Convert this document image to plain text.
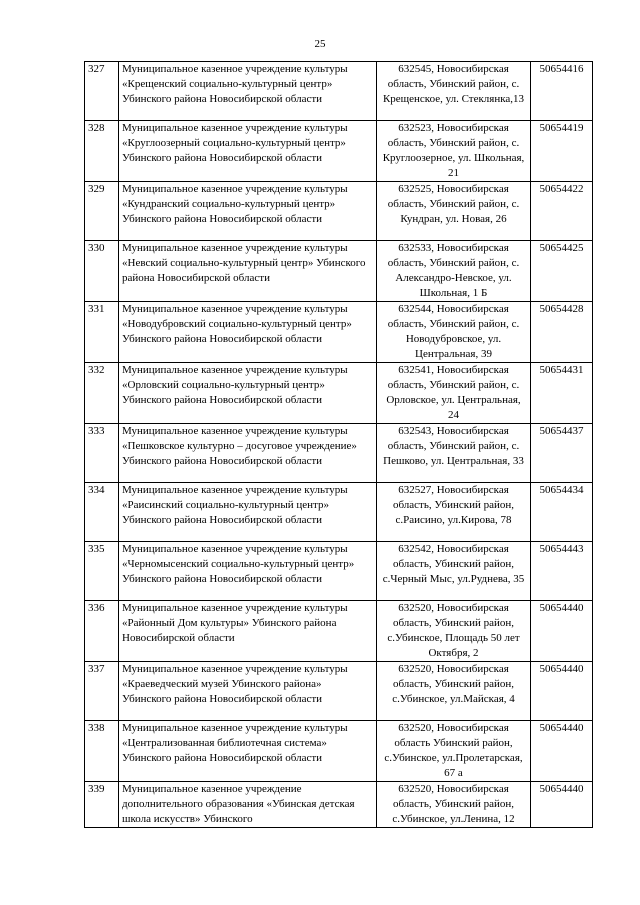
25
327	Муниципальное казенное учреждение культуры «Крещенский социально-культурный центр» Убинского района Новосибирской области	632545, Новосибирская область, Убинский район, с. Крещенское, ул. Стеклянка,13	50654416
328	Муниципальное казенное учреждение культуры «Круглоозерный социально-культурный центр» Убинского района Новосибирской области	632523, Новосибирская область, Убинский район, с. Круглоозерное, ул. Школьная, 21	50654419
329	Муниципальное казенное учреждение культуры «Кундранский социально-культурный центр» Убинского района Новосибирской области	632525, Новосибирская область, Убинский район, с. Кундран, ул. Новая, 26	50654422
330	Муниципальное казенное учреждение культуры «Невский социально-культурный центр» Убинского района Новосибирской области	632533, Новосибирская область, Убинский район, с. Александро-Невское, ул. Школьная, 1 Б	50654425
331	Муниципальное казенное учреждение культуры «Новодубровский социально-культурный центр» Убинского района Новосибирской области	632544, Новосибирская область, Убинский район, с. Новодубровское, ул. Центральная, 39	50654428
332	Муниципальное казенное учреждение культуры «Орловский социально-культурный центр» Убинского района Новосибирской области	632541, Новосибирская область, Убинский район, с. Орловское, ул. Центральная, 24	50654431
333	Муниципальное казенное учреждение культуры «Пешковское культурно – досуговое учреждение» Убинского района Новосибирской области	632543, Новосибирская область, Убинский район, с. Пешково, ул. Центральная, 33	50654437
334	Муниципальное казенное учреждение культуры «Раисинский социально-культурный центр» Убинского района Новосибирской области	632527, Новосибирская область, Убинский район, с.Раисино, ул.Кирова, 78	50654434
335	Муниципальное казенное учреждение культуры «Черномысенский социально-культурный центр» Убинского района Новосибирской области	632542, Новосибирская область, Убинский район, с.Черный Мыс, ул.Руднева, 35	50654443
336	Муниципальное казенное учреждение культуры «Районный Дом культуры» Убинского района Новосибирской области	632520, Новосибирская область, Убинский район, с.Убинское, Площадь 50 лет Октября, 2	50654440
337	Муниципальное казенное учреждение культуры «Краеведческий музей Убинского района» Убинского района Новосибирской области	632520, Новосибирская область, Убинский район, с.Убинское, ул.Майская, 4	50654440
338	Муниципальное казенное учреждение культуры «Централизованная библиотечная система» Убинского района Новосибирской области	632520, Новосибирская область Убинский район, с.Убинское, ул.Пролетарская, 67 а	50654440
339	Муниципальное казенное учреждение дополнительного образования «Убинская детская школа искусств» Убинского	632520, Новосибирская область, Убинский район, с.Убинское, ул.Ленина, 12	50654440
